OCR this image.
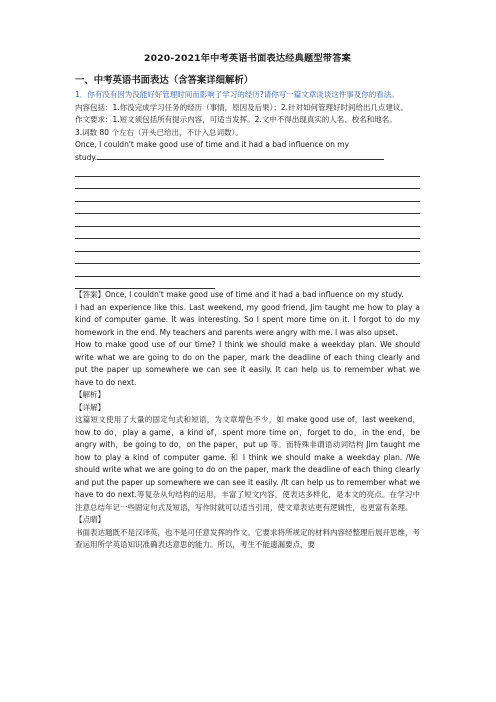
2020-2021年中考英语书面表达经典题型带答案
一、中考英语书面表达（含答案详细解析）

1．你有没有因为没能好好管理时间而影响了学习的经历?请你写一篇文章谈谈这件事及你的看法。

内容包括：1.你没完成学习任务的经历（事情，原因及后果）；2.针对如何管理好时间给出几点建议。

作文要求：1.短文须包括所有提示内容，可适当发挥。2.文中不得出现真实的人名、校名和地名。

3.词数 80 个左右（开头已给出，不计入总词数）。

Once, I couldn't make good use of time and it had a bad influence on my

study.

【答案】Once, I couldn't make good use of time and it had a bad influence on my study.

I had an experience like this. Last weekend, my good friend, Jim taught me how to play a kind of computer game. It was interesting. So I spent more time on it. I forgot to do my homework in the end. My teachers and parents were angry with me. I was also upset.

How to make good use of our time? I think we should make a weekday plan. We should write what we are going to do on the paper, mark the deadline of each thing clearly and put the paper up somewhere we can see it easily. It can help us to remember what we have to do next.

【解析】

【详解】

这篇短文使用了大量的固定句式和短语，为文章增色不少，如 make good use of，last weekend，how to do，play a game，a kind of，spent more time on，forget to do，in the end，be angry with，be going to do，on the paper，put up 等。而特殊非谓语动词结构 Jim taught me how to play a kind of computer game. 和 I think we should make a weekday plan. /We should write what we are going to do on the paper, mark the deadline of each thing clearly and put the paper up somewhere we can see it easily. /It can help us to remember what we have to do next.等复杂从句结构的运用，丰富了短文内容，使表达多样化，是本文的亮点。在学习中注意总结年记一些固定句式及短语，写作时就可以适当引用，使文章表达更有逻辑性，也更富有条理。

【点睛】

书面表达题既不是汉译英，也不是可任意发挥的作文。它要求将所规定的材料内容经整理后展开思维，考查运用所学英语知识准确表达意思的能力。所以，考生不能遗漏要点，要
